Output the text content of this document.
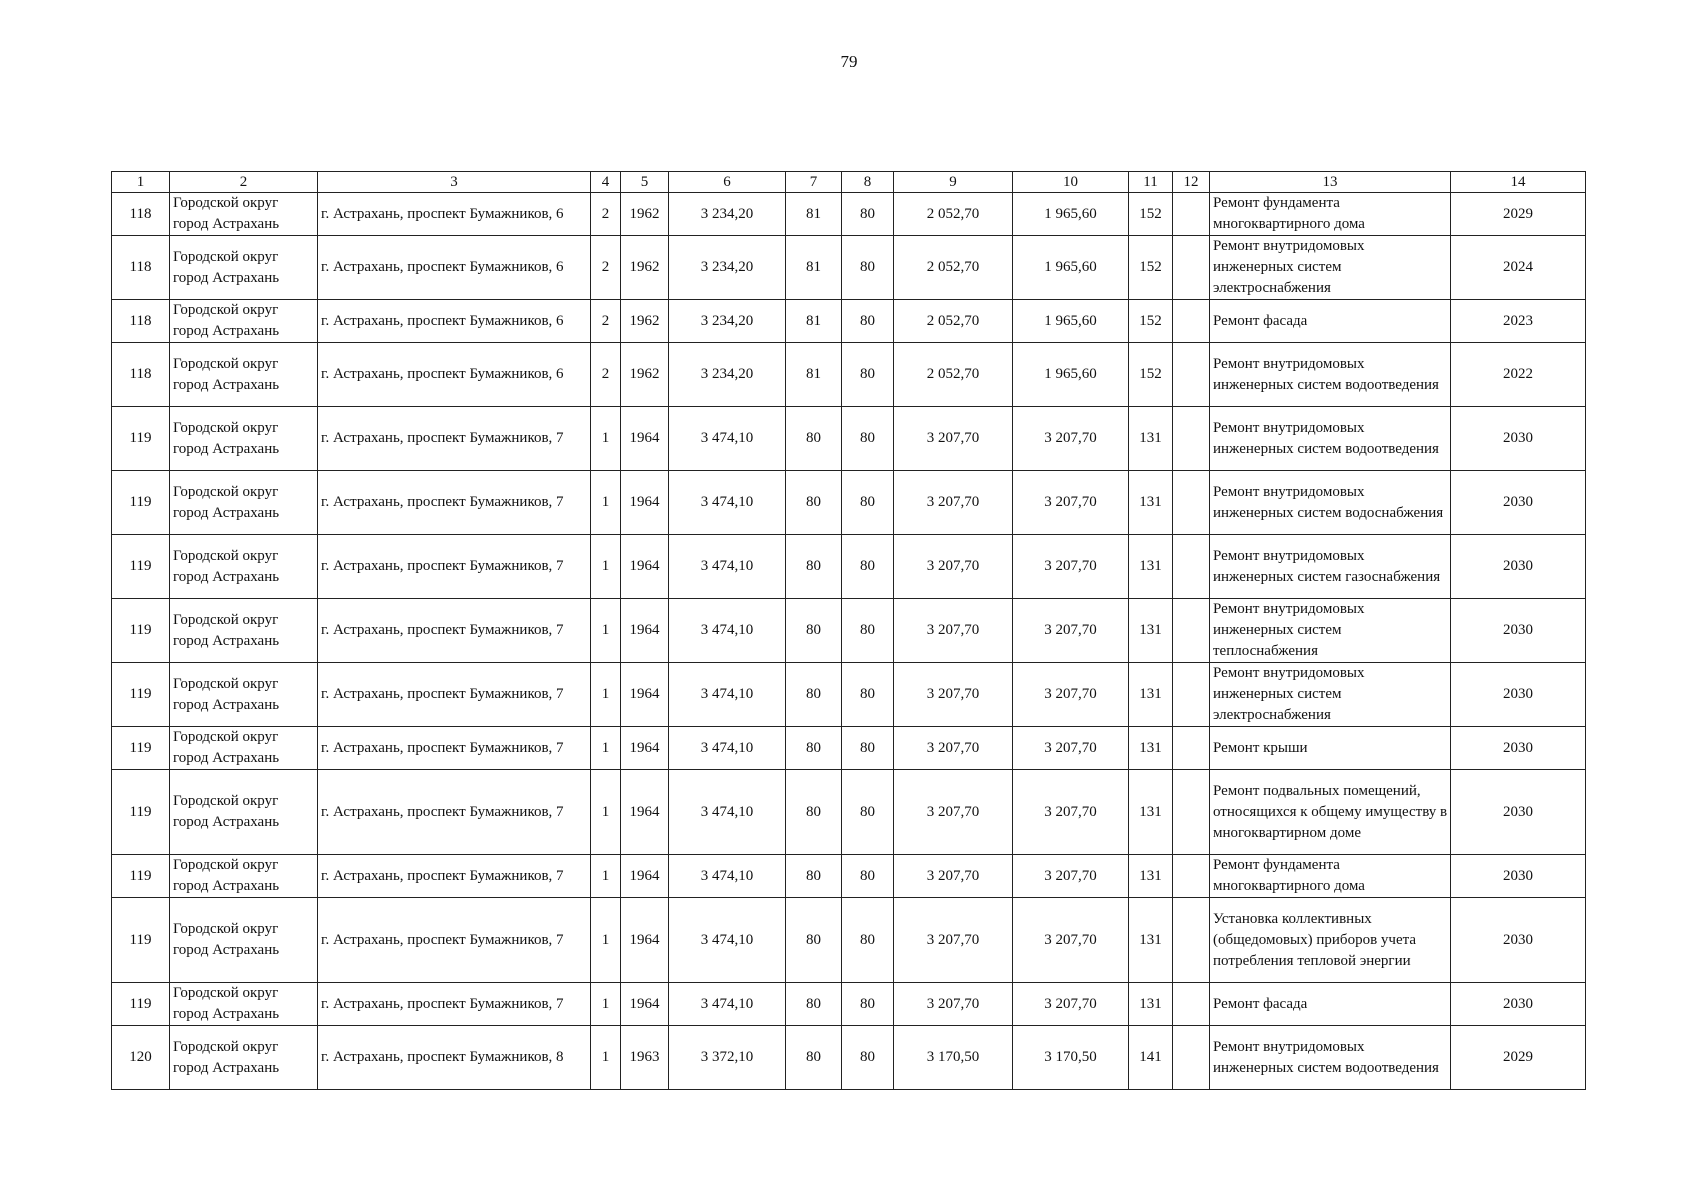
79
1	2	3	4	5	6	7	8	9	10	11	12	13	14
118	Городской округ город Астрахань	г. Астрахань, проспект Бумажников, 6	2	1962	3 234,20	81	80	2 052,70	1 965,60	152		Ремонт фундамента многоквартирного дома	2029
118	Городской округ город Астрахань	г. Астрахань, проспект Бумажников, 6	2	1962	3 234,20	81	80	2 052,70	1 965,60	152		Ремонт внутридомовых инженерных систем электроснабжения	2024
118	Городской округ город Астрахань	г. Астрахань, проспект Бумажников, 6	2	1962	3 234,20	81	80	2 052,70	1 965,60	152		Ремонт фасада	2023
118	Городской округ город Астрахань	г. Астрахань, проспект Бумажников, 6	2	1962	3 234,20	81	80	2 052,70	1 965,60	152		Ремонт внутридомовых инженерных систем водоотведения	2022
119	Городской округ город Астрахань	г. Астрахань, проспект Бумажников, 7	1	1964	3 474,10	80	80	3 207,70	3 207,70	131		Ремонт внутридомовых инженерных систем водоотведения	2030
119	Городской округ город Астрахань	г. Астрахань, проспект Бумажников, 7	1	1964	3 474,10	80	80	3 207,70	3 207,70	131		Ремонт внутридомовых инженерных систем водоснабжения	2030
119	Городской округ город Астрахань	г. Астрахань, проспект Бумажников, 7	1	1964	3 474,10	80	80	3 207,70	3 207,70	131		Ремонт внутридомовых инженерных систем газоснабжения	2030
119	Городской округ город Астрахань	г. Астрахань, проспект Бумажников, 7	1	1964	3 474,10	80	80	3 207,70	3 207,70	131		Ремонт внутридомовых инженерных систем теплоснабжения	2030
119	Городской округ город Астрахань	г. Астрахань, проспект Бумажников, 7	1	1964	3 474,10	80	80	3 207,70	3 207,70	131		Ремонт внутридомовых инженерных систем электроснабжения	2030
119	Городской округ город Астрахань	г. Астрахань, проспект Бумажников, 7	1	1964	3 474,10	80	80	3 207,70	3 207,70	131		Ремонт крыши	2030
119	Городской округ город Астрахань	г. Астрахань, проспект Бумажников, 7	1	1964	3 474,10	80	80	3 207,70	3 207,70	131		Ремонт подвальных помещений, относящихся к общему имуществу в многоквартирном доме	2030
119	Городской округ город Астрахань	г. Астрахань, проспект Бумажников, 7	1	1964	3 474,10	80	80	3 207,70	3 207,70	131		Ремонт фундамента многоквартирного дома	2030
119	Городской округ город Астрахань	г. Астрахань, проспект Бумажников, 7	1	1964	3 474,10	80	80	3 207,70	3 207,70	131		Установка коллективных (общедомовых) приборов учета потребления тепловой энергии	2030
119	Городской округ город Астрахань	г. Астрахань, проспект Бумажников, 7	1	1964	3 474,10	80	80	3 207,70	3 207,70	131		Ремонт фасада	2030
120	Городской округ город Астрахань	г. Астрахань, проспект Бумажников, 8	1	1963	3 372,10	80	80	3 170,50	3 170,50	141		Ремонт внутридомовых инженерных систем водоотведения	2029
